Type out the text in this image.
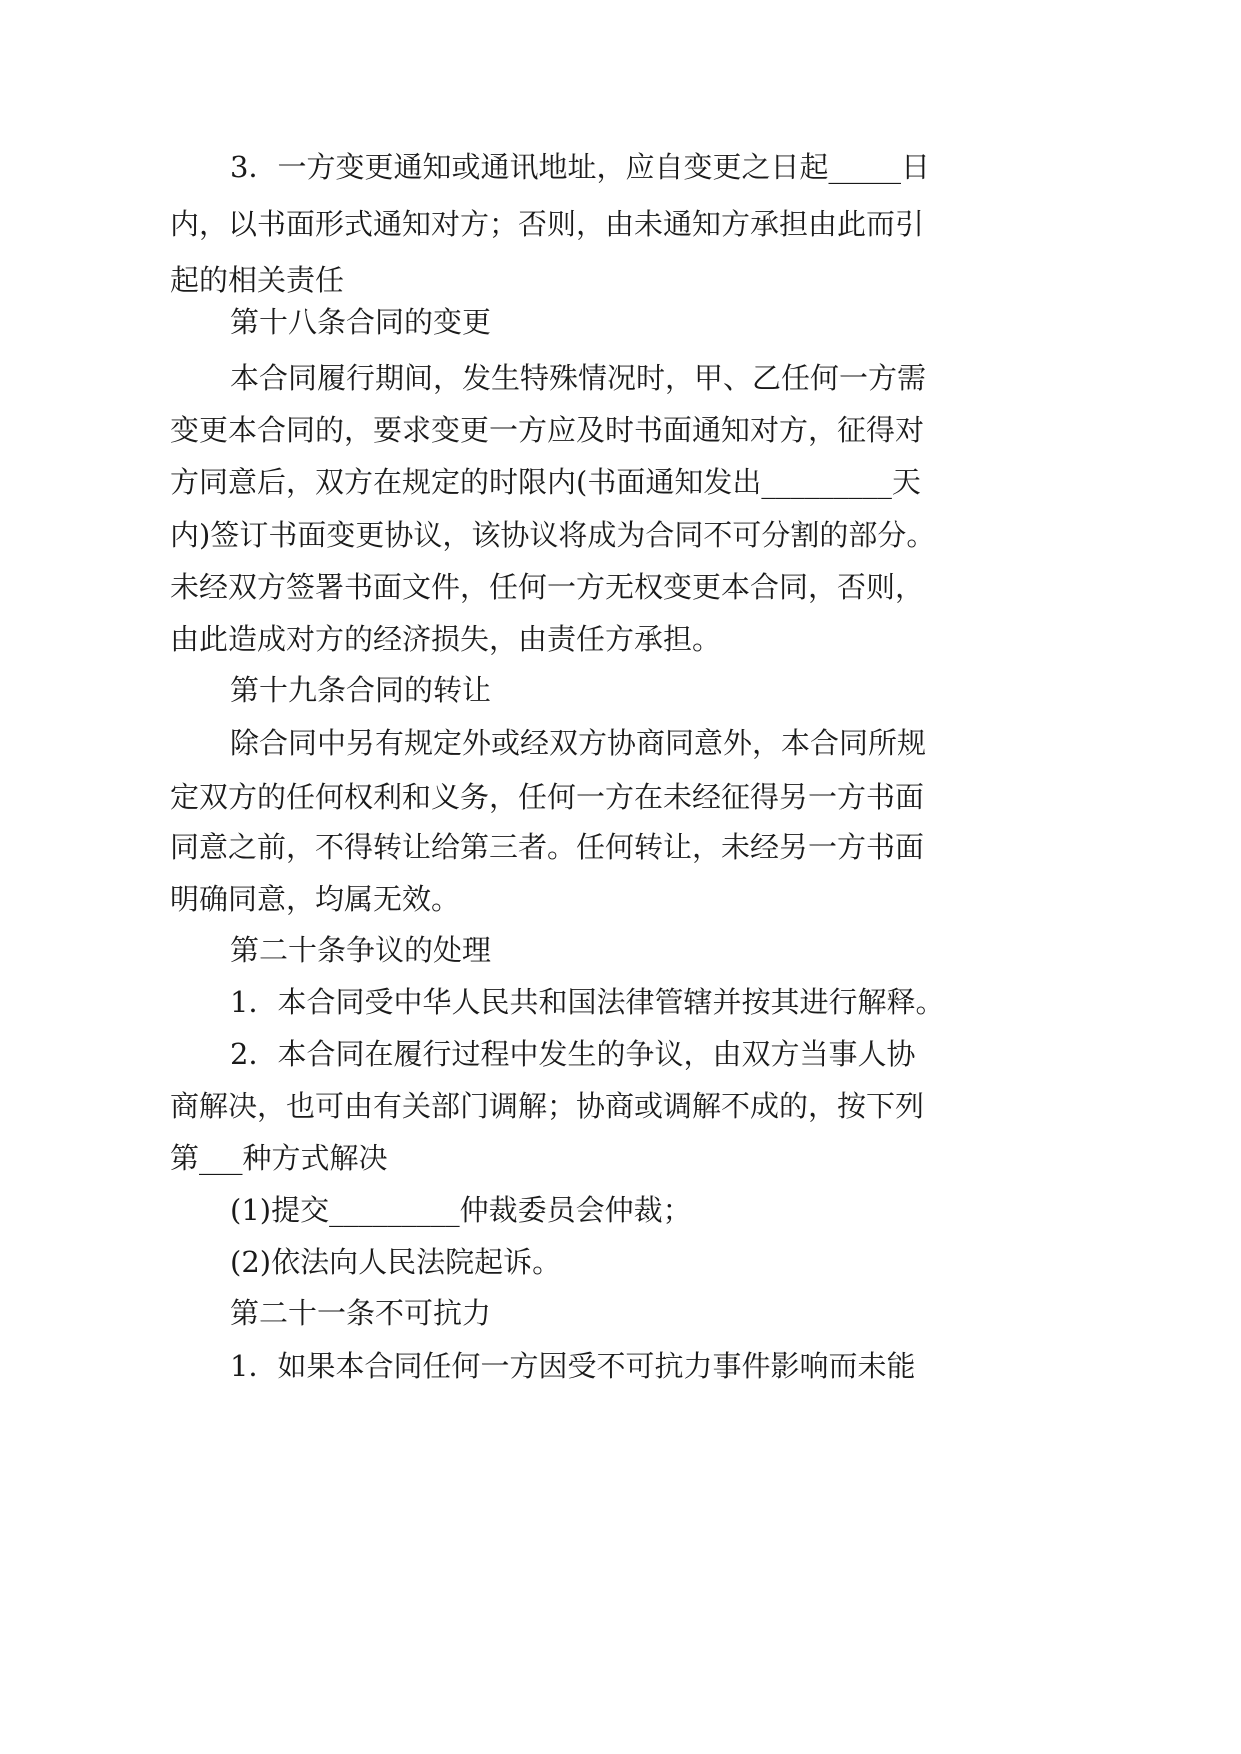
3．一方变更通知或通讯地址，应自变更之日起_____日
内，以书面形式通知对方；否则，由未通知方承担由此而引
起的相关责任
第十八条合同的变更
本合同履行期间，发生特殊情况时，甲、乙任何一方需
变更本合同的，要求变更一方应及时书面通知对方，征得对
方同意后，双方在规定的时限内(书面通知发出_________天
内)签订书面变更协议，该协议将成为合同不可分割的部分。
未经双方签署书面文件，任何一方无权变更本合同，否则，
由此造成对方的经济损失，由责任方承担。
第十九条合同的转让
除合同中另有规定外或经双方协商同意外，本合同所规
定双方的任何权利和义务，任何一方在未经征得另一方书面
同意之前，不得转让给第三者。任何转让，未经另一方书面
明确同意，均属无效。
第二十条争议的处理
1．本合同受中华人民共和国法律管辖并按其进行解释。
2．本合同在履行过程中发生的争议，由双方当事人协
商解决，也可由有关部门调解；协商或调解不成的，按下列
第___种方式解决
(1)提交_________仲裁委员会仲裁；
(2)依法向人民法院起诉。
第二十一条不可抗力
1．如果本合同任何一方因受不可抗力事件影响而未能
